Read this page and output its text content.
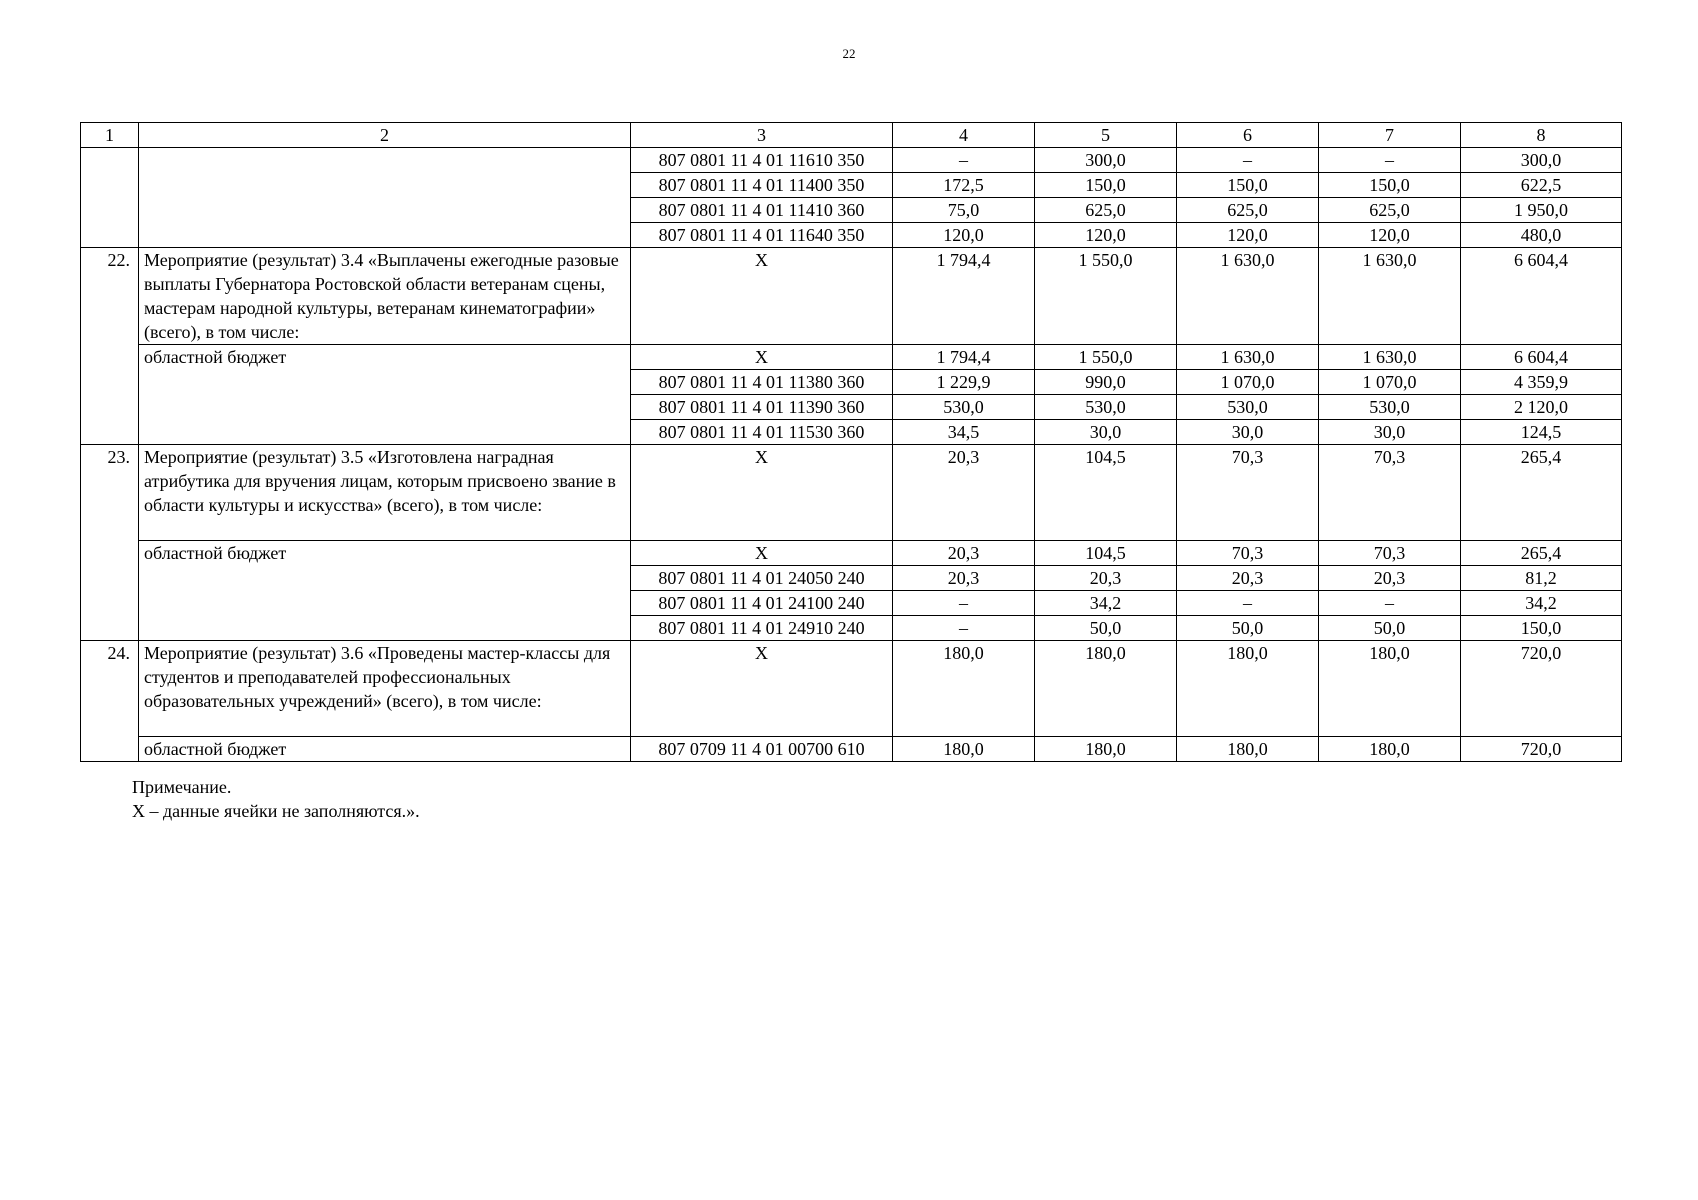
22
1	2	3	4	5	6	7	8
		807 0801 11 4 01 11610 350	–	300,0	–	–	300,0
		807 0801 11 4 01 11400 350	172,5	150,0	150,0	150,0	622,5
		807 0801 11 4 01 11410 360	75,0	625,0	625,0	625,0	1 950,0
		807 0801 11 4 01 11640 350	120,0	120,0	120,0	120,0	480,0
22.	Мероприятие (результат) 3.4 «Выплачены ежегодные разовые выплаты Губернатора Ростовской области ветеранам сцены, мастерам народной культуры, ветеранам кинематографии» (всего), в том числе:	X	1 794,4	1 550,0	1 630,0	1 630,0	6 604,4
	областной бюджет	X	1 794,4	1 550,0	1 630,0	1 630,0	6 604,4
		807 0801 11 4 01 11380 360	1 229,9	990,0	1 070,0	1 070,0	4 359,9
		807 0801 11 4 01 11390 360	530,0	530,0	530,0	530,0	2 120,0
		807 0801 11 4 01 11530 360	34,5	30,0	30,0	30,0	124,5
23.	Мероприятие (результат) 3.5 «Изготовлена наградная атрибутика для вручения лицам, которым присвоено звание в области культуры и искусства» (всего), в том числе:	X	20,3	104,5	70,3	70,3	265,4
	областной бюджет	X	20,3	104,5	70,3	70,3	265,4
		807 0801 11 4 01 24050 240	20,3	20,3	20,3	20,3	81,2
		807 0801 11 4 01 24100 240	–	34,2	–	–	34,2
		807 0801 11 4 01 24910 240	–	50,0	50,0	50,0	150,0
24.	Мероприятие (результат) 3.6 «Проведены мастер-классы для студентов и преподавателей профессиональных образовательных учреждений» (всего), в том числе:	X	180,0	180,0	180,0	180,0	720,0
	областной бюджет	807 0709 11 4 01 00700 610	180,0	180,0	180,0	180,0	720,0
Примечание.
X – данные ячейки не заполняются.».
